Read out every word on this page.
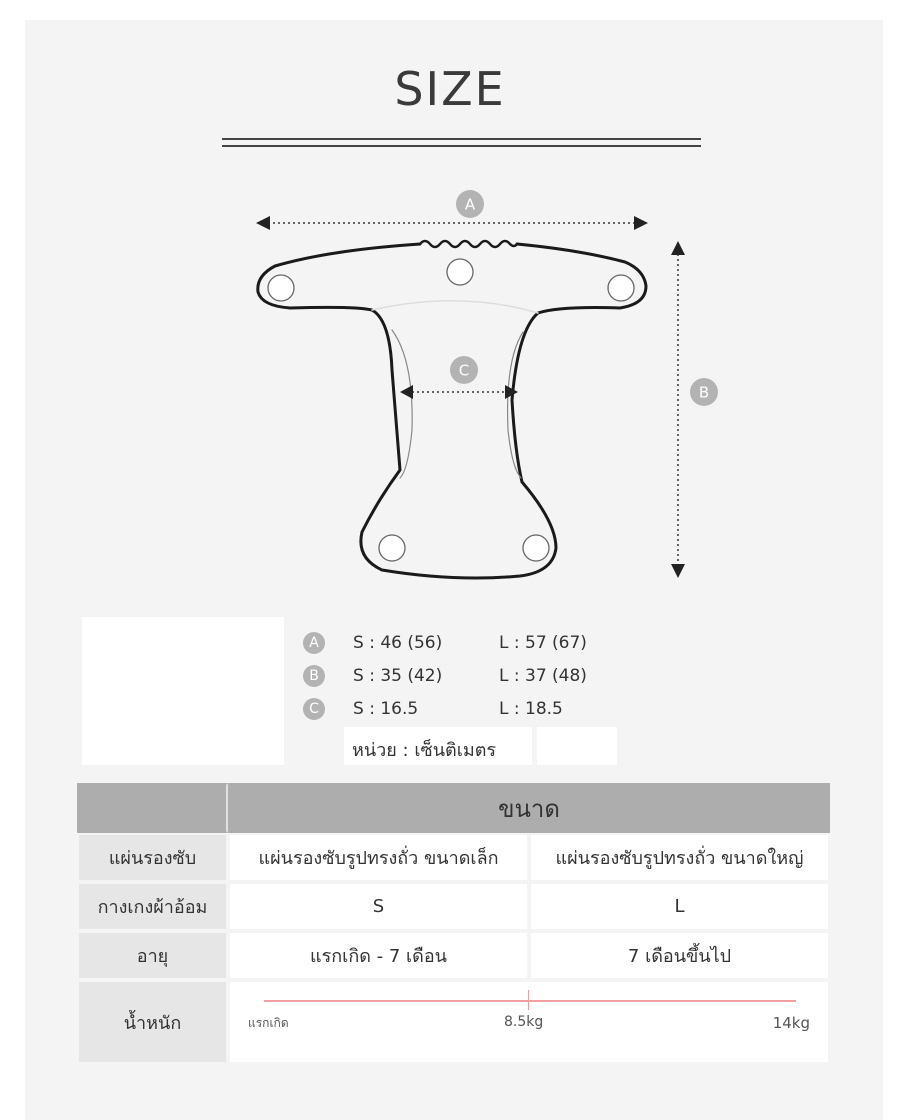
SIZE
A
B
C
A	S : 46 (56)	L : 57 (67)
B	S : 35 (42)	L : 37 (48)
C	S : 16.5	L : 18.5
หน่วย : เซ็นติเมตร
	ขนาด	
แผ่นรองซับ	แผ่นรองซับรูปทรงถั่ว ขนาดเล็ก	แผ่นรองซับรูปทรงถั่ว ขนาดใหญ่
กางเกงผ้าอ้อม	S	L
อายุ	แรกเกิด - 7 เดือน	7 เดือนขึ้นไป
น้ำหนัก	แรกเกิด 8.5kg 14kg	
